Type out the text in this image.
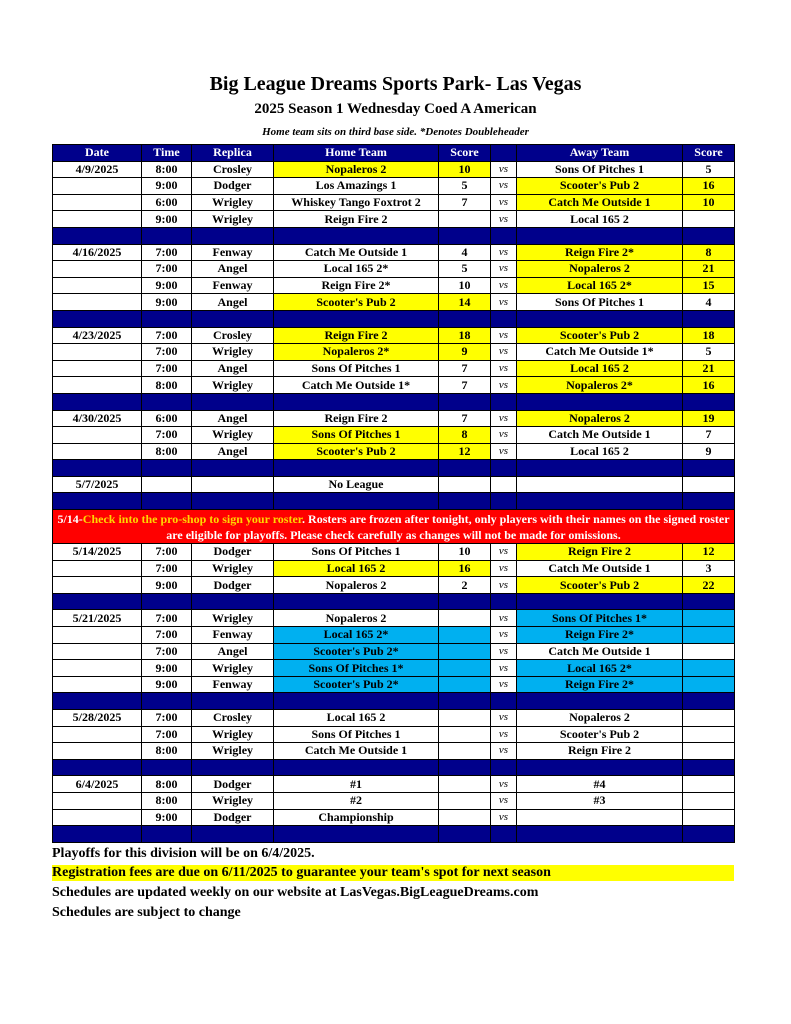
Big League Dreams Sports Park- Las Vegas
2025 Season 1 Wednesday Coed A American
Home team sits on third base side. *Denotes Doubleheader
Date	Time	Replica	Home Team	Score		Away Team	Score
4/9/2025	8:00	Crosley	Nopaleros 2	10	vs	Sons Of Pitches 1	5
	9:00	Dodger	Los Amazings 1	5	vs	Scooter's Pub 2	16
	6:00	Wrigley	Whiskey Tango Foxtrot 2	7	vs	Catch Me Outside 1	10
	9:00	Wrigley	Reign Fire 2		vs	Local 165 2	

4/16/2025	7:00	Fenway	Catch Me Outside 1	4	vs	Reign Fire 2*	8
	7:00	Angel	Local 165 2*	5	vs	Nopaleros 2	21
	9:00	Fenway	Reign Fire 2*	10	vs	Local 165 2*	15
	9:00	Angel	Scooter's Pub 2	14	vs	Sons Of Pitches 1	4

4/23/2025	7:00	Crosley	Reign Fire 2	18	vs	Scooter's Pub 2	18
	7:00	Wrigley	Nopaleros 2*	9	vs	Catch Me Outside 1*	5
	7:00	Angel	Sons Of Pitches 1	7	vs	Local 165 2	21
	8:00	Wrigley	Catch Me Outside 1*	7	vs	Nopaleros 2*	16

4/30/2025	6:00	Angel	Reign Fire 2	7	vs	Nopaleros 2	19
	7:00	Wrigley	Sons Of Pitches 1	8	vs	Catch Me Outside 1	7
	8:00	Angel	Scooter's Pub 2	12	vs	Local 165 2	9

5/7/2025			No League				

5/14-Check into the pro-shop to sign your roster. Rosters are frozen after tonight, only players with their names on the signed roster are eligible for playoffs. Please check carefully as changes will not be made for omissions.							
5/14/2025	7:00	Dodger	Sons Of Pitches 1	10	vs	Reign Fire 2	12
	7:00	Wrigley	Local 165 2	16	vs	Catch Me Outside 1	3
	9:00	Dodger	Nopaleros 2	2	vs	Scooter's Pub 2	22

5/21/2025	7:00	Wrigley	Nopaleros 2		vs	Sons Of Pitches 1*	
	7:00	Fenway	Local 165 2*		vs	Reign Fire 2*	
	7:00	Angel	Scooter's Pub 2*		vs	Catch Me Outside 1	
	9:00	Wrigley	Sons Of Pitches 1*		vs	Local 165 2*	
	9:00	Fenway	Scooter's Pub 2*		vs	Reign Fire 2*	

5/28/2025	7:00	Crosley	Local 165 2		vs	Nopaleros 2	
	7:00	Wrigley	Sons Of Pitches 1		vs	Scooter's Pub 2	
	8:00	Wrigley	Catch Me Outside 1		vs	Reign Fire 2	

6/4/2025	8:00	Dodger	#1		vs	#4	
	8:00	Wrigley	#2		vs	#3	
	9:00	Dodger	Championship		vs		

Playoffs for this division will be on 6/4/2025.
Registration fees are due on 6/11/2025 to guarantee your team's spot for next season
Schedules are updated weekly on our website at LasVegas.BigLeagueDreams.com
Schedules are subject to change
